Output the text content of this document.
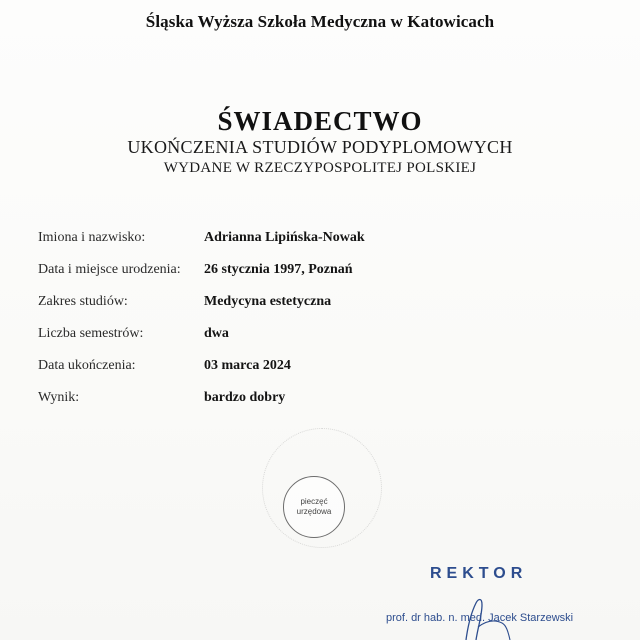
Śląska Wyższa Szkoła Medyczna w Katowicach
ŚWIADECTWO
UKOŃCZENIA STUDIÓW PODYPLOMOWYCH
WYDANE W RZECZYPOSPOLITEJ POLSKIEJ
Imiona i nazwisko:	Adrianna Lipińska-Nowak
Data i miejsce urodzenia: 26 stycznia 1997, Poznań
Zakres studiów:	Medycyna estetyczna
Liczba semestrów:	dwa
Data ukończenia:	03 marca 2024
Wynik:	bardzo dobry
pieczęć
urzędowa
REKTOR
prof. dr hab. n. med. Jacek Starzewski
